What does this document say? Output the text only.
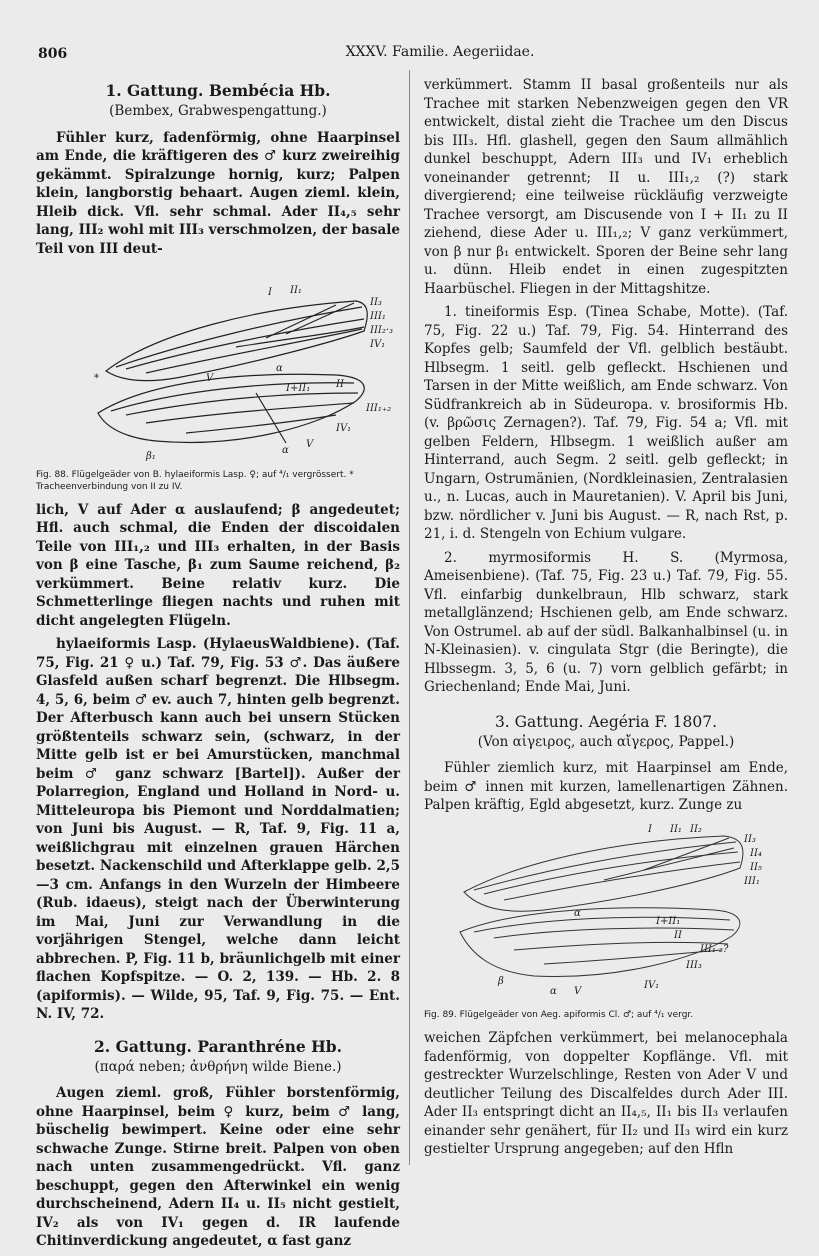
806	XXXV. Familie. Aegeriidae.
1. Gattung. Bembécia Hb.
(Bembex, Grabwespengattung.)

Fühler kurz, fadenförmig, ohne Haarpinsel am Ende, die kräftigeren des ♂ kurz zweireihig gekämmt. Spiralzunge hornig, kurz; Palpen klein, langborstig behaart. Augen zieml. klein, Hleib dick. Vfl. sehr schmal. Ader II₄,₅ sehr lang, III₂ wohl mit III₃ verschmolzen, der basale Teil von III deut-

I II₁
II₃
III₁
III₂·₃
IV₁
α
V
*
I+II₁	II
III₁₊₂
IV₁
β₁
α
V
Fig. 88. Flügelgeäder von B. hylaeiformis Lasp. ♀; auf ⁴/₁ vergrössert. * Tracheenverbindung von II zu IV.

lich, V auf Ader α auslaufend; β angedeutet; Hfl. auch schmal, die Enden der discoidalen Teile von III₁,₂ und III₃ erhalten, in der Basis von β eine Tasche, β₁ zum Saume reichend, β₂ verkümmert. Beine relativ kurz. Die Schmetterlinge fliegen nachts und ruhen mit dicht angelegten Flügeln.

hylaeiformis Lasp. (HylaeusWaldbiene). (Taf. 75, Fig. 21 ♀ u.) Taf. 79, Fig. 53 ♂. Das äußere Glasfeld außen scharf begrenzt. Die Hlbsegm. 4, 5, 6, beim ♂ ev. auch 7, hinten gelb begrenzt. Der Afterbusch kann auch bei unsern Stücken größtenteils schwarz sein, (schwarz, in der Mitte gelb ist er bei Amurstücken, manchmal beim ♂ ganz schwarz [Bartel]). Außer der Polarregion, England und Holland in Nord- u. Mitteleuropa bis Piemont und Norddalmatien; von Juni bis August. — R, Taf. 9, Fig. 11 a, weißlichgrau mit einzelnen grauen Härchen besetzt. Nackenschild und Afterklappe gelb. 2,5—3 cm. Anfangs in den Wurzeln der Himbeere (Rub. idaeus), steigt nach der Überwinterung im Mai, Juni zur Verwandlung in die vorjährigen Stengel, welche dann leicht abbrechen. P, Fig. 11 b, bräunlichgelb mit einer flachen Kopfspitze. — O. 2, 139. — Hb. 2. 8 (apiformis). — Wilde, 95, Taf. 9, Fig. 75. — Ent. N. IV, 72.

2. Gattung. Paranthréne Hb.
(παρά neben; ἀνθρήνη wilde Biene.)

Augen zieml. groß, Fühler borstenförmig, ohne Haarpinsel, beim ♀ kurz, beim ♂ lang, büschelig bewimpert. Keine oder eine sehr schwache Zunge. Stirne breit. Palpen von oben nach unten zusammengedrückt. Vfl. ganz beschuppt, gegen den Afterwinkel ein wenig durchscheinend, Adern II₄ u. II₅ nicht gestielt, IV₂ als von IV₁ gegen d. IR laufende Chitinverdickung angedeutet, α fast ganz

verkümmert. Stamm II basal großenteils nur als Trachee mit starken Nebenzweigen gegen den VR entwickelt, distal zieht die Trachee um den Discus bis III₃. Hfl. glashell, gegen den Saum allmählich dunkel beschuppt, Adern III₃ und IV₁ erheblich voneinander getrennt; II u. III₁,₂ (?) stark divergierend; eine teilweise rückläufig verzweigte Trachee versorgt, am Discusende von I + II₁ zu II ziehend, diese Ader u. III₁,₂; V ganz verkümmert, von β nur β₁ entwickelt. Sporen der Beine sehr lang u. dünn. Hleib endet in einen zugespitzten Haarbüschel. Fliegen in der Mittagshitze.

1. tineiformis Esp. (Tinea Schabe, Motte). (Taf. 75, Fig. 22 u.) Taf. 79, Fig. 54. Hinterrand des Kopfes gelb; Saumfeld der Vfl. gelblich bestäubt. Hlbsegm. 1 seitl. gelb gefleckt. Hschienen und Tarsen in der Mitte weißlich, am Ende schwarz. Von Südfrankreich ab in Südeuropa. v. brosiformis Hb. (v. βρῶσις Zernagen?). Taf. 79, Fig. 54 a; Vfl. mit gelben Feldern, Hlbsegm. 1 weißlich außer am Hinterrand, auch Segm. 2 seitl. gelb gefleckt; in Ungarn, Ostrumänien, (Nordkleinasien, Zentralasien u., n. Lucas, auch in Mauretanien). V. April bis Juni, bzw. nördlicher v. Juni bis August. — R, nach Rst, p. 21, i. d. Stengeln von Echium vulgare.

2. myrmosiformis H. S. (Myrmosa, Ameisenbiene). (Taf. 75, Fig. 23 u.) Taf. 79, Fig. 55. Vfl. einfarbig dunkelbraun, Hlb schwarz, stark metallglänzend; Hschienen gelb, am Ende schwarz. Von Ostrumel. ab auf der südl. Balkanhalbinsel (u. in N-Kleinasien). v. cingulata Stgr (die Beringte), die Hlbssegm. 3, 5, 6 (u. 7) vorn gelblich gefärbt; in Griechenland; Ende Mai, Juni.

3. Gattung. Aegéria F. 1807.
(Von αἰγειρος, auch αἴγερος, Pappel.)

Fühler ziemlich kurz, mit Haarpinsel am Ende, beim ♂ innen mit kurzen, lamellenartigen Zähnen. Palpen kräftig, Egld abgesetzt, kurz. Zunge zu

I II₁ II₂
II₃
II₄
II₅
III₁
α
I+II₁
II
III₁ ₂?
III₃
β
α V
IV₁
Fig. 89. Flügelgeäder von Aeg. apiformis Cl. ♂; auf ⁴/₁ vergr.

weichen Zäpfchen verkümmert, bei melanocephala fadenförmig, von doppelter Kopflänge. Vfl. mit gestreckter Wurzelschlinge, Resten von Ader V und deutlicher Teilung des Discalfeldes durch Ader III. Ader II₃ entspringt dicht an II₄,₅, II₁ bis II₃ verlaufen einander sehr genähert, für II₂ und II₃ wird ein kurz gestielter Ursprung angegeben; auf den Hfln
